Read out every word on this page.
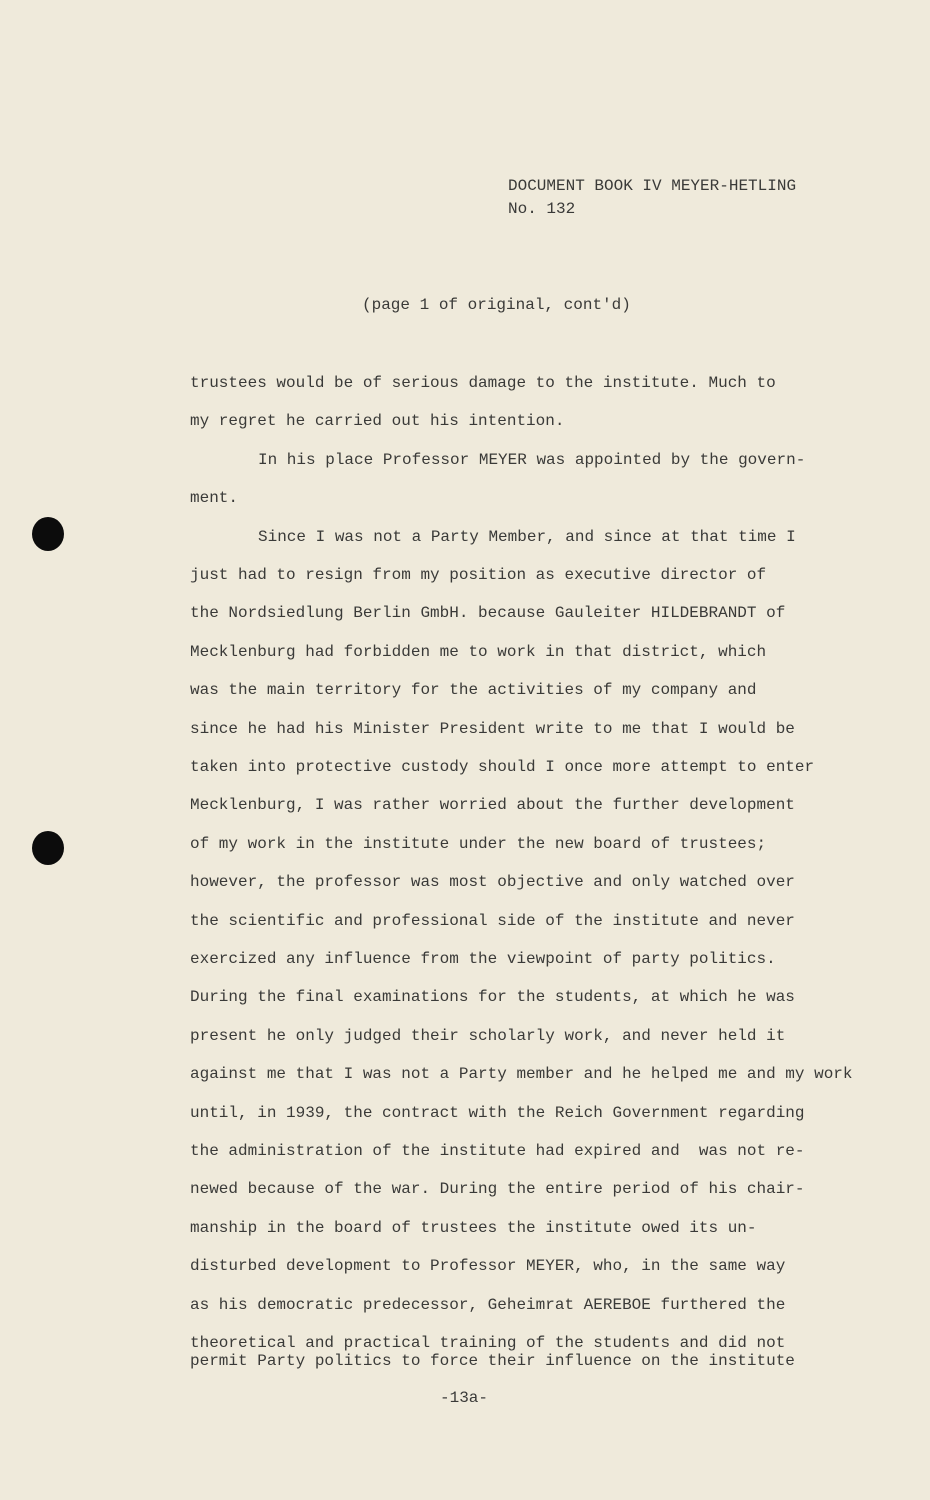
DOCUMENT BOOK IV MEYER-HETLING
No. 132
(page 1 of original, cont'd)
trustees would be of serious damage to the institute. Much to
my regret he carried out his intention.
In his place Professor MEYER was appointed by the govern-
ment.
Since I was not a Party Member, and since at that time I
just had to resign from my position as executive director of
the Nordsiedlung Berlin GmbH. because Gauleiter HILDEBRANDT of
Mecklenburg had forbidden me to work in that district, which
was the main territory for the activities of my company and
since he had his Minister President write to me that I would be
taken into protective custody should I once more attempt to enter
Mecklenburg, I was rather worried about the further development
of my work in the institute under the new board of trustees;
however, the professor was most objective and only watched over
the scientific and professional side of the institute and never
exercized any influence from the viewpoint of party politics.
During the final examinations for the students, at which he was
present he only judged their scholarly work, and never held it
against me that I was not a Party member and he helped me and my work
until, in 1939, the contract with the Reich Government regarding
the administration of the institute had expired and  was not re-
newed because of the war. During the entire period of his chair-
manship in the board of trustees the institute owed its un-
disturbed development to Professor MEYER, who, in the same way
as his democratic predecessor, Geheimrat AEREBOE furthered the
theoretical and practical training of the students and did not
permit Party politics to force their influence on the institute
-13a-
